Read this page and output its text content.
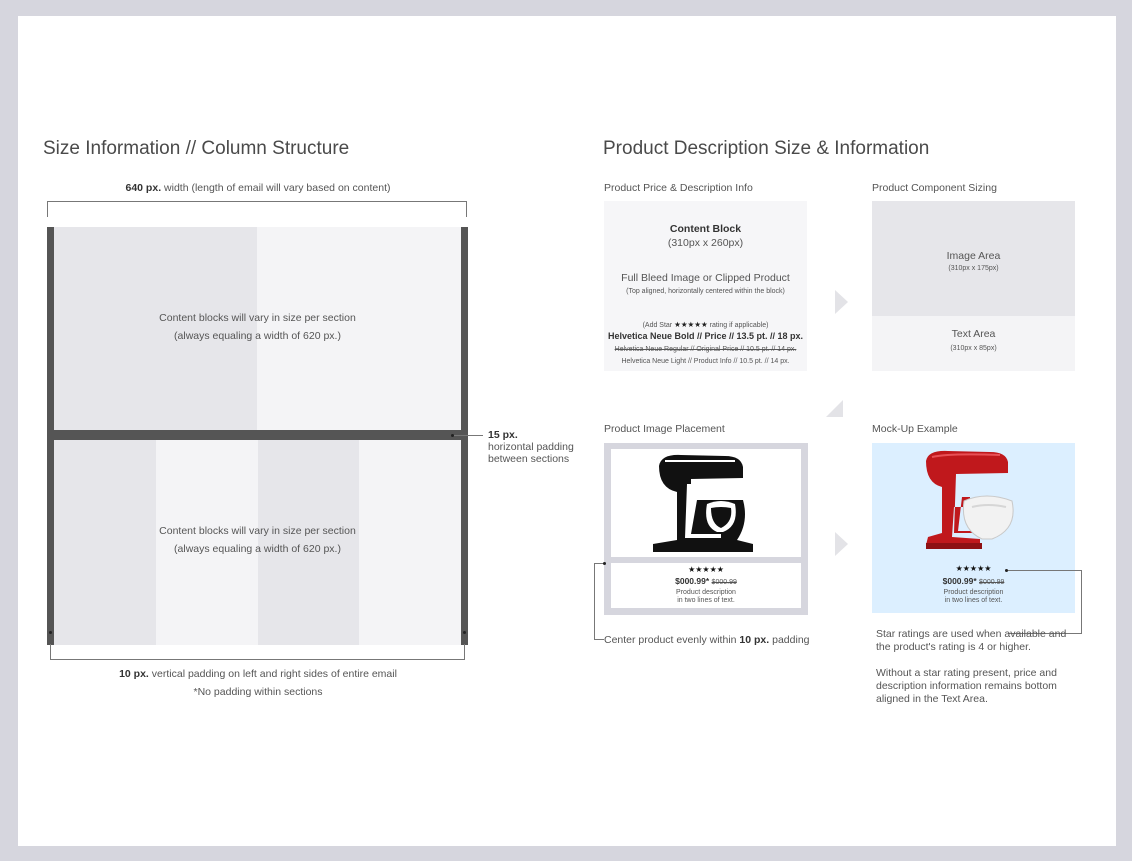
Size Information // Column Structure
640 px. width (length of email will vary based on content)
Content blocks will vary in size per section
(always equaling a width of 620 px.)
Content blocks will vary in size per section
(always equaling a width of 620 px.)
15 px.
horizontal padding
between sections
10 px. vertical padding on left and right sides of entire email
*No padding within sections
Product Description Size & Information
Product Price & Description Info
Content Block
(310px x 260px)
Full Bleed Image or Clipped Product
(Top aligned, horizontally centered within the block)
(Add Star ★★★★★ rating if applicable)
Helvetica Neue Bold // Price // 13.5 pt. // 18 px.
Helvetica Neue Regular // Original Price // 10.5 pt. // 14 px.
Helvetica Neue Light // Product Info // 10.5 pt. // 14 px.
Product Component Sizing
Image Area
(310px x 175px)
Text Area
(310px x 85px)
Product Image Placement
★★★★★
$000.99* $000.99
Product description
in two lines of text.
Center product evenly within 10 px. padding
Mock-Up Example
★★★★★
$000.99* $000.99
Product description
in two lines of text.
Star ratings are used when available and
the product's rating is 4 or higher.
Without a star rating present, price and
description information remains bottom
aligned in the Text Area.
